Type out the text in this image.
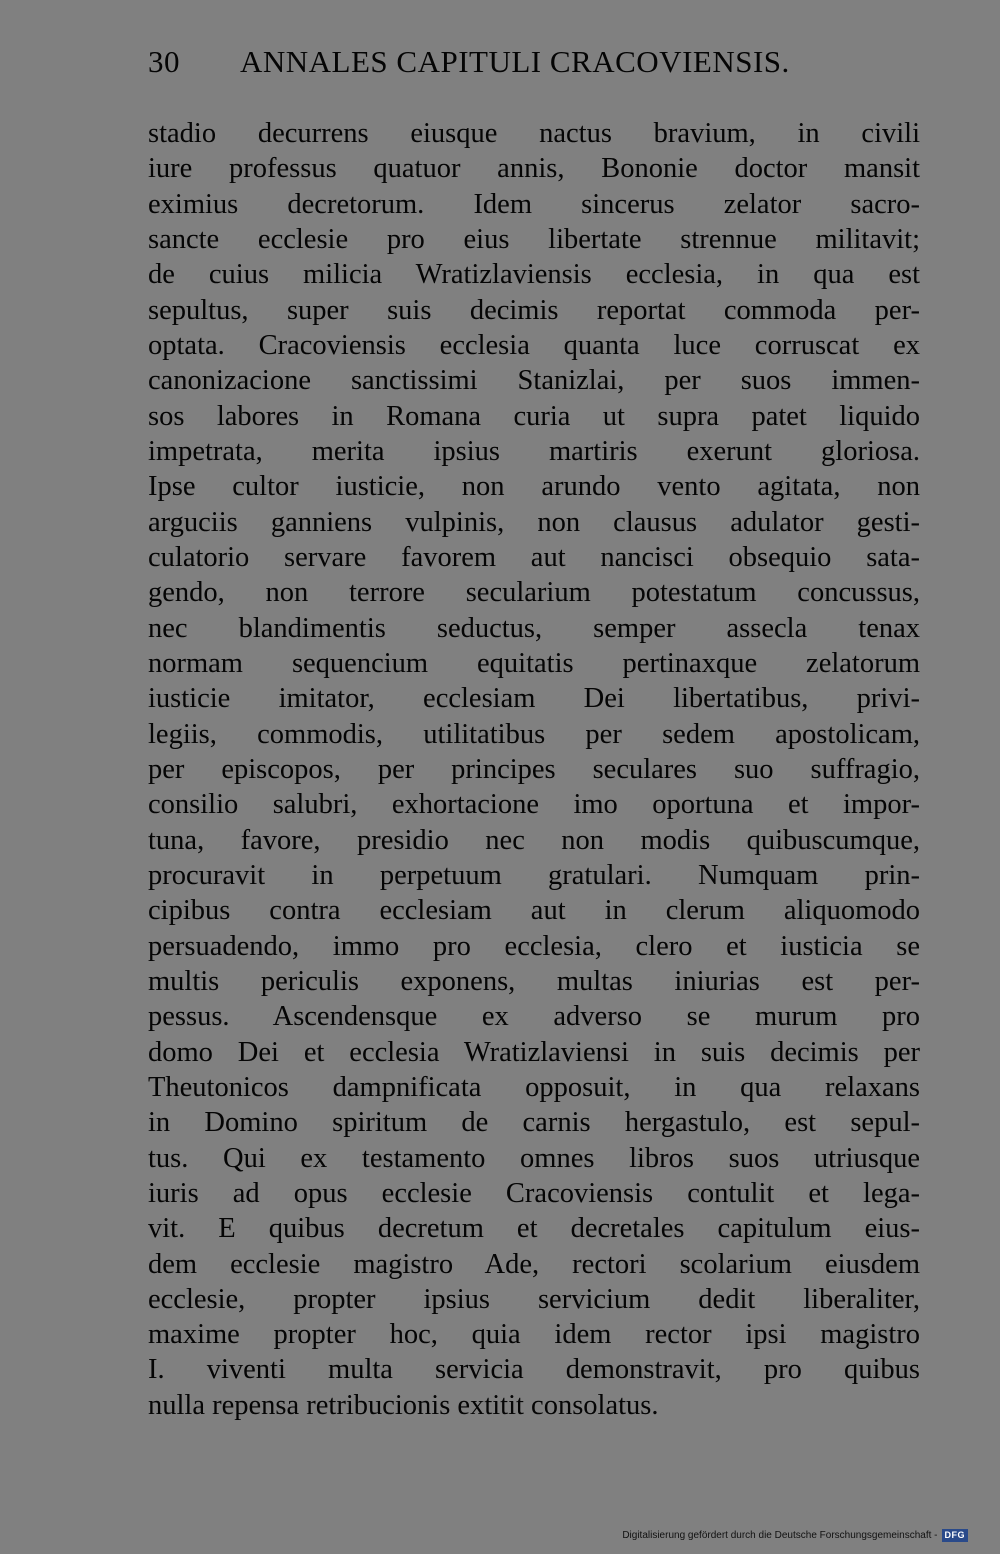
30 ANNALES CAPITULI CRACOVIENSIS.
stadio decurrens eiusque nactus bravium, in civili
iure professus quatuor annis, Bononie doctor mansit
eximius decretorum. Idem sincerus zelator sacro-
sancte ecclesie pro eius libertate strennue militavit;
de cuius milicia Wratizlaviensis ecclesia, in qua est
sepultus, super suis decimis reportat commoda per-
optata. Cracoviensis ecclesia quanta luce corruscat ex
canonizacione sanctissimi Stanizlai, per suos immen-
sos labores in Romana curia ut supra patet liquido
impetrata, merita ipsius martiris exerunt gloriosa.
Ipse cultor iusticie, non arundo vento agitata, non
arguciis ganniens vulpinis, non clausus adulator gesti-
culatorio servare favorem aut nancisci obsequio sata-
gendo, non terrore secularium potestatum concussus,
nec blandimentis seductus, semper assecla tenax
normam sequencium equitatis pertinaxque zelatorum
iusticie imitator, ecclesiam Dei libertatibus, privi-
legiis, commodis, utilitatibus per sedem apostolicam,
per episcopos, per principes seculares suo suffragio,
consilio salubri, exhortacione imo oportuna et impor-
tuna, favore, presidio nec non modis quibuscumque,
procuravit in perpetuum gratulari. Numquam prin-
cipibus contra ecclesiam aut in clerum aliquomodo
persuadendo, immo pro ecclesia, clero et iusticia se
multis periculis exponens, multas iniurias est per-
pessus. Ascendensque ex adverso se murum pro
domo Dei et ecclesia Wratizlaviensi in suis decimis per
Theutonicos dampnificata opposuit, in qua relaxans
in Domino spiritum de carnis hergastulo, est sepul-
tus. Qui ex testamento omnes libros suos utriusque
iuris ad opus ecclesie Cracoviensis contulit et lega-
vit. E quibus decretum et decretales capitulum eius-
dem ecclesie magistro Ade, rectori scolarium eiusdem
ecclesie, propter ipsius servicium dedit liberaliter,
maxime propter hoc, quia idem rector ipsi magistro
I. viventi multa servicia demonstravit, pro quibus
nulla repensa retribucionis extitit consolatus.
Digitalisierung gefördert durch die Deutsche Forschungsgemeinschaft - DFG
